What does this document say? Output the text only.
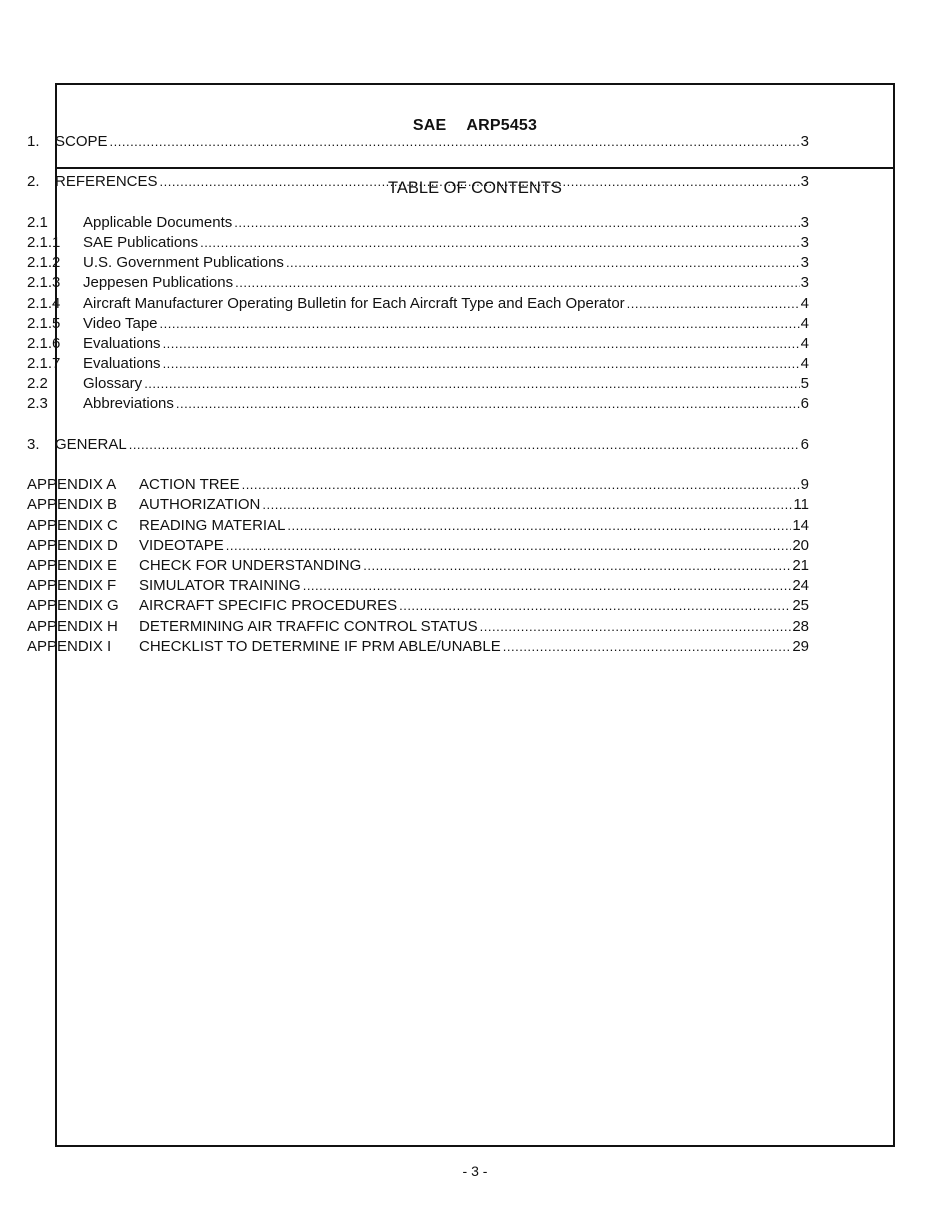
SAE ARP5453
TABLE OF CONTENTS
1.	SCOPE .....	3
2.	REFERENCES .....	3
2.1	Applicable Documents .....	3
2.1.1	SAE Publications .....	3
2.1.2	U.S. Government Publications .....	3
2.1.3	Jeppesen Publications .....	3
2.1.4	Aircraft Manufacturer Operating Bulletin for Each Aircraft Type and Each Operator .....	4
2.1.5	Video Tape .....	4
2.1.6	Evaluations .....	4
2.1.7	Evaluations .....	4
2.2	Glossary .....	5
2.3	Abbreviations .....	6
3.	GENERAL .....	6
APPENDIX A	ACTION TREE .....	9
APPENDIX B	AUTHORIZATION .....	11
APPENDIX C	READING MATERIAL .....	14
APPENDIX D	VIDEOTAPE .....	20
APPENDIX E	CHECK FOR UNDERSTANDING .....	21
APPENDIX F	SIMULATOR TRAINING .....	24
APPENDIX G	AIRCRAFT SPECIFIC PROCEDURES .....	25
APPENDIX H	DETERMINING AIR TRAFFIC CONTROL STATUS .....	28
APPENDIX I	CHECKLIST TO DETERMINE IF PRM ABLE/UNABLE .....	29
- 3 -
